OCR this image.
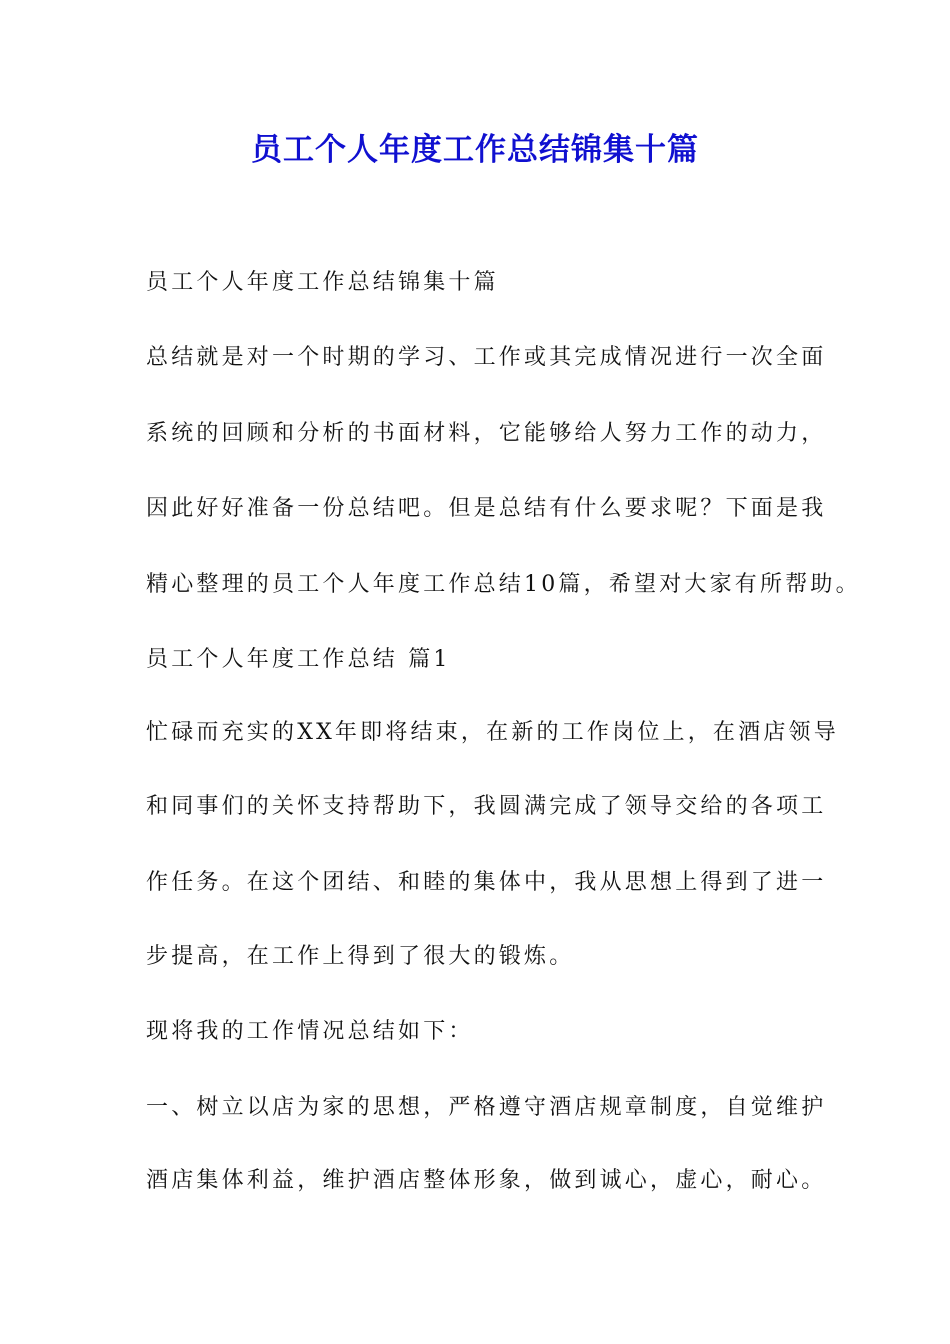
员工个人年度工作总结锦集十篇

员工个人年度工作总结锦集十篇

总结就是对一个时期的学习、工作或其完成情况进行一次全面

系统的回顾和分析的书面材料，它能够给人努力工作的动力，

因此好好准备一份总结吧。但是总结有什么要求呢？下面是我

精心整理的员工个人年度工作总结10篇，希望对大家有所帮助。

员工个人年度工作总结 篇1

忙碌而充实的XX年即将结束，在新的工作岗位上，在酒店领导

和同事们的关怀支持帮助下，我圆满完成了领导交给的各项工

作任务。在这个团结、和睦的集体中，我从思想上得到了进一

步提高，在工作上得到了很大的锻炼。

现将我的工作情况总结如下：

一、树立以店为家的思想，严格遵守酒店规章制度，自觉维护

酒店集体利益，维护酒店整体形象，做到诚心，虚心，耐心。
